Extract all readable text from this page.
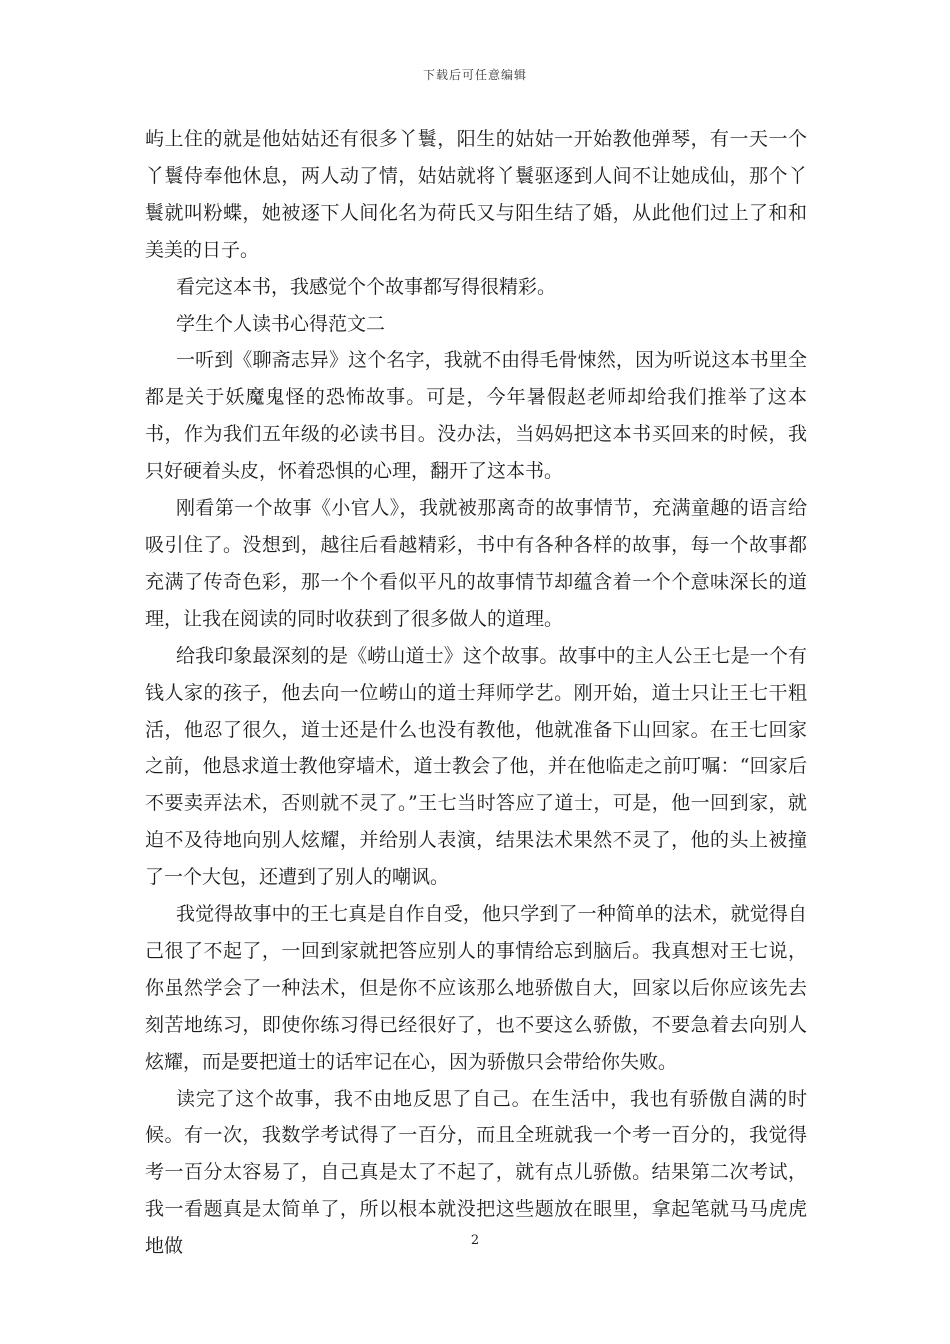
下载后可任意编辑

屿上住的就是他姑姑还有很多丫鬟，阳生的姑姑一开始教他弹琴，有一天一个丫鬟侍奉他休息，两人动了情，姑姑就将丫鬟驱逐到人间不让她成仙，那个丫鬟就叫粉蝶，她被逐下人间化名为荷氏又与阳生结了婚，从此他们过上了和和美美的日子。

看完这本书，我感觉个个故事都写得很精彩。

学生个人读书心得范文二

一听到《聊斋志异》这个名字，我就不由得毛骨悚然，因为听说这本书里全都是关于妖魔鬼怪的恐怖故事。可是，今年暑假赵老师却给我们推举了这本书，作为我们五年级的必读书目。没办法，当妈妈把这本书买回来的时候，我只好硬着头皮，怀着恐惧的心理，翻开了这本书。

刚看第一个故事《小官人》，我就被那离奇的故事情节，充满童趣的语言给吸引住了。没想到，越往后看越精彩，书中有各种各样的故事，每一个故事都充满了传奇色彩，那一个个看似平凡的故事情节却蕴含着一个个意味深长的道理，让我在阅读的同时收获到了很多做人的道理。

给我印象最深刻的是《崂山道士》这个故事。故事中的主人公王七是一个有钱人家的孩子，他去向一位崂山的道士拜师学艺。刚开始，道士只让王七干粗活，他忍了很久，道士还是什么也没有教他，他就准备下山回家。在王七回家之前，他恳求道士教他穿墙术，道士教会了他，并在他临走之前叮嘱：“回家后不要卖弄法术，否则就不灵了。”王七当时答应了道士，可是，他一回到家，就迫不及待地向别人炫耀，并给别人表演，结果法术果然不灵了，他的头上被撞了一个大包，还遭到了别人的嘲讽。

我觉得故事中的王七真是自作自受，他只学到了一种简单的法术，就觉得自己很了不起了，一回到家就把答应别人的事情给忘到脑后。我真想对王七说，你虽然学会了一种法术，但是你不应该那么地骄傲自大，回家以后你应该先去刻苦地练习，即使你练习得已经很好了，也不要这么骄傲，不要急着去向别人炫耀，而是要把道士的话牢记在心，因为骄傲只会带给你失败。

读完了这个故事，我不由地反思了自己。在生活中，我也有骄傲自满的时候。有一次，我数学考试得了一百分，而且全班就我一个考一百分的，我觉得考一百分太容易了，自己真是太了不起了，就有点儿骄傲。结果第二次考试，我一看题真是太简单了，所以根本就没把这些题放在眼里，拿起笔就马马虎虎地做	2
